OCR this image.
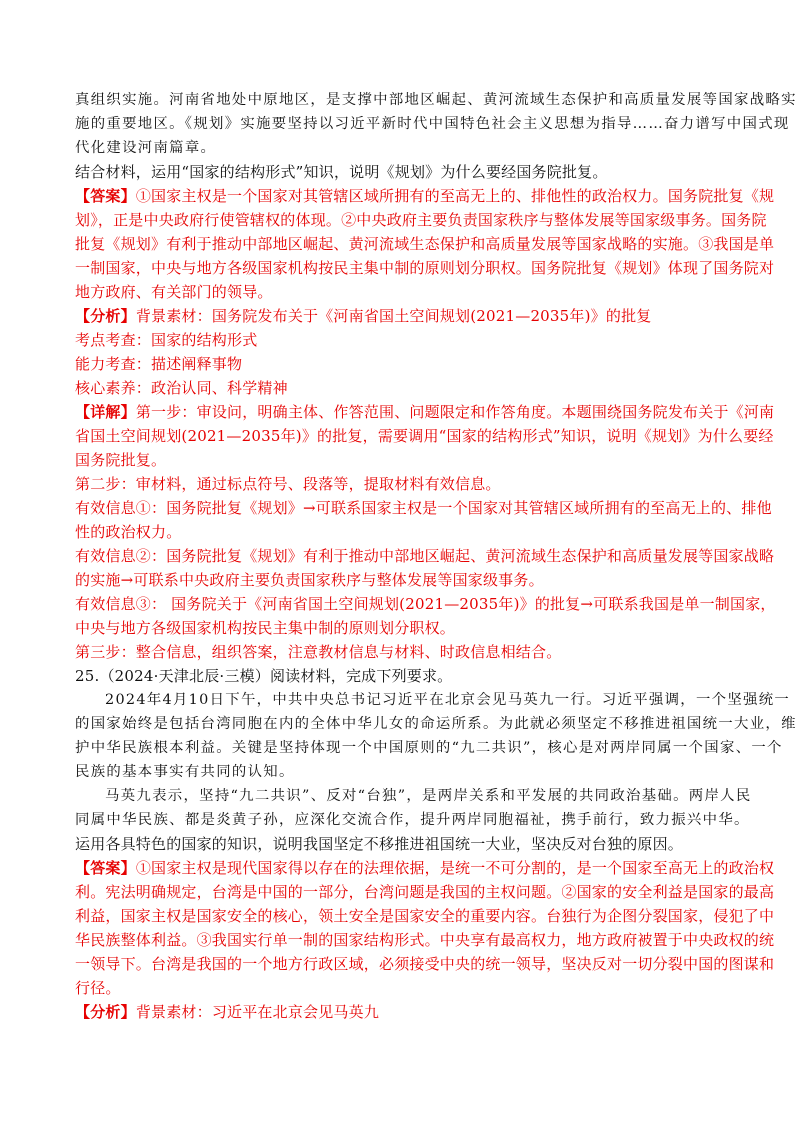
真组织实施。河南省地处中原地区，是支撑中部地区崛起、黄河流域生态保护和高质量发展等国家战略实

施的重要地区。《规划》实施要坚持以习近平新时代中国特色社会主义思想为指导……奋力谱写中国式现

代化建设河南篇章。

结合材料，运用“国家的结构形式”知识，说明《规划》为什么要经国务院批复。

【答案】①国家主权是一个国家对其管辖区域所拥有的至高无上的、排他性的政治权力。国务院批复《规

划》，正是中央政府行使管辖权的体现。②中央政府主要负责国家秩序与整体发展等国家级事务。国务院

批复《规划》有利于推动中部地区崛起、黄河流域生态保护和高质量发展等国家战略的实施。③我国是单

一制国家，中央与地方各级国家机构按民主集中制的原则划分职权。国务院批复《规划》体现了国务院对

地方政府、有关部门的领导。

【分析】背景素材：国务院发布关于《河南省国土空间规划(2021—2035年)》的批复

考点考查：国家的结构形式

能力考查：描述阐释事物

核心素养：政治认同、科学精神

【详解】第一步：审设问，明确主体、作答范围、问题限定和作答角度。本题围绕国务院发布关于《河南

省国土空间规划(2021—2035年)》的批复，需要调用“国家的结构形式”知识，说明《规划》为什么要经

国务院批复。

第二步：审材料，通过标点符号、段落等，提取材料有效信息。

有效信息①：国务院批复《规划》→可联系国家主权是一个国家对其管辖区域所拥有的至高无上的、排他

性的政治权力。

有效信息②：国务院批复《规划》有利于推动中部地区崛起、黄河流域生态保护和高质量发展等国家战略

的实施→可联系中央政府主要负责国家秩序与整体发展等国家级事务。

有效信息③： 国务院关于《河南省国土空间规划(2021—2035年)》的批复→可联系我国是单一制国家，

中央与地方各级国家机构按民主集中制的原则划分职权。

第三步：整合信息，组织答案，注意教材信息与材料、时政信息相结合。

25.（2024·天津北辰·三模）阅读材料，完成下列要求。

2024年4月10日下午，中共中央总书记习近平在北京会见马英九一行。习近平强调，一个坚强统一

的国家始终是包括台湾同胞在内的全体中华儿女的命运所系。为此就必须坚定不移推进祖国统一大业，维

护中华民族根本利益。关键是坚持体现一个中国原则的“九二共识”，核心是对两岸同属一个国家、一个

民族的基本事实有共同的认知。

马英九表示，坚持“九二共识”、反对“台独”，是两岸关系和平发展的共同政治基础。两岸人民

同属中华民族、都是炎黄子孙，应深化交流合作，提升两岸同胞福祉，携手前行，致力振兴中华。

运用各具特色的国家的知识，说明我国坚定不移推进祖国统一大业，坚决反对台独的原因。

【答案】①国家主权是现代国家得以存在的法理依据，是统一不可分割的，是一个国家至高无上的政治权

利。宪法明确规定，台湾是中国的一部分，台湾问题是我国的主权问题。②国家的安全利益是国家的最高

利益，国家主权是国家安全的核心，领土安全是国家安全的重要内容。台独行为企图分裂国家，侵犯了中

华民族整体利益。③我国实行单一制的国家结构形式。中央享有最高权力，地方政府被置于中央政权的统

一领导下。台湾是我国的一个地方行政区域，必须接受中央的统一领导，坚决反对一切分裂中国的图谋和

行径。

【分析】背景素材：习近平在北京会见马英九
